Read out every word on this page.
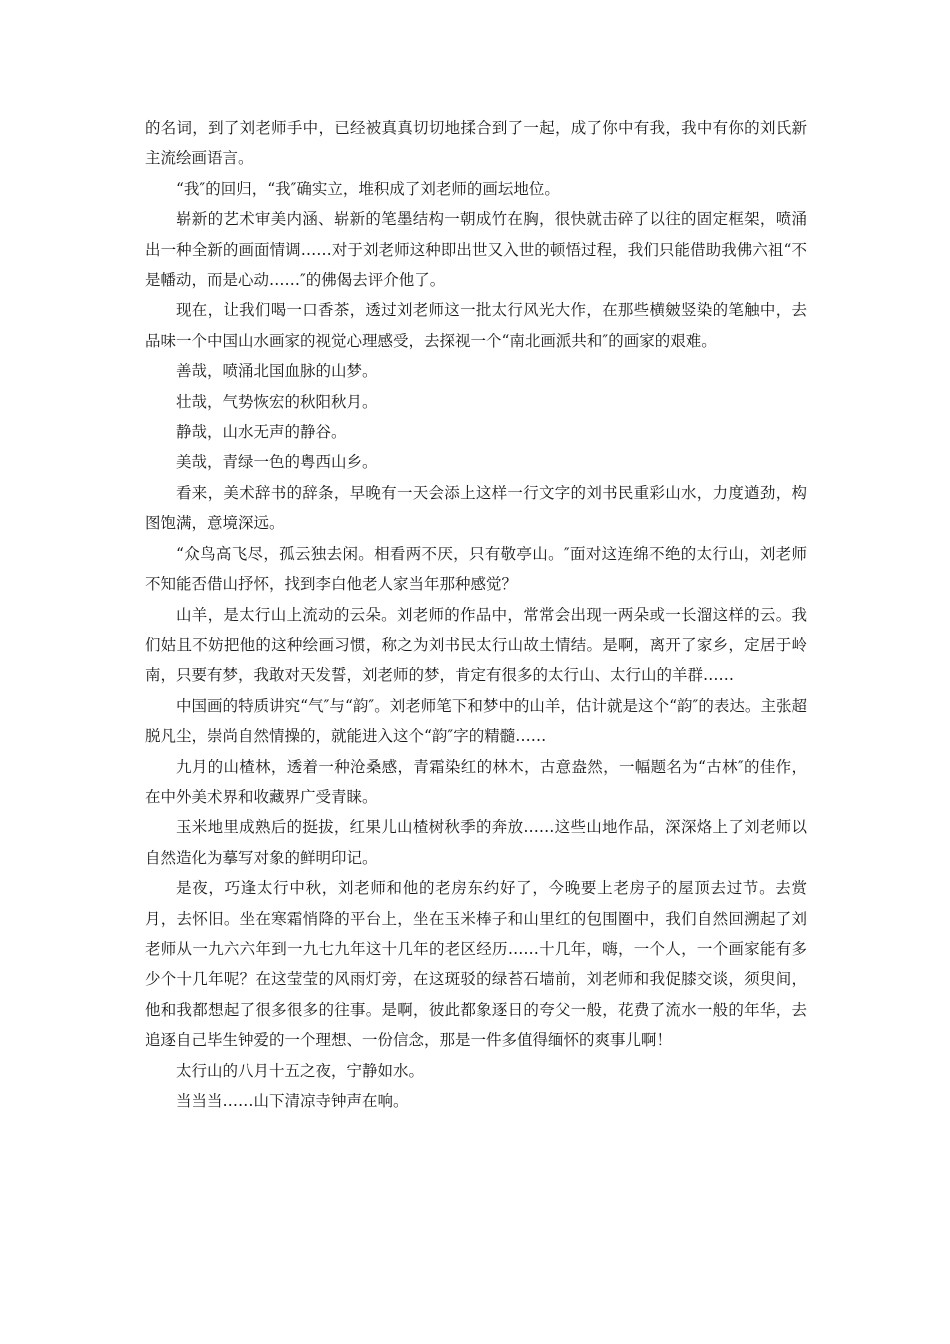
的名词，到了刘老师手中，已经被真真切切地揉合到了一起，成了你中有我，我中有你的刘氏新主流绘画语言。

“我″的回归，“我″确实立，堆积成了刘老师的画坛地位。

崭新的艺术审美内涵、崭新的笔墨结构一朝成竹在胸，很快就击碎了以往的固定框架，喷涌出一种全新的画面情调……对于刘老师这种即出世又入世的顿悟过程，我们只能借助我佛六祖“不是幡动，而是心动……″的佛偈去评介他了。

现在，让我们喝一口香茶，透过刘老师这一批太行风光大作，在那些横皴竖染的笔触中，去品味一个中国山水画家的视觉心理感受，去探视一个“南北画派共和″的画家的艰难。

善哉，喷涌北国血脉的山梦。

壮哉，气势恢宏的秋阳秋月。

静哉，山水无声的静谷。

美哉，青绿一色的粤西山乡。

看来，美术辞书的辞条，早晚有一天会添上这样一行文字的刘书民重彩山水，力度遒劲，构图饱满，意境深远。

“众鸟高飞尽，孤云独去闲。相看两不厌，只有敬亭山。″面对这连绵不绝的太行山，刘老师不知能否借山抒怀，找到李白他老人家当年那种感觉？

山羊，是太行山上流动的云朵。刘老师的作品中，常常会出现一两朵或一长溜这样的云。我们姑且不妨把他的这种绘画习惯，称之为刘书民太行山故土情结。是啊，离开了家乡，定居于岭南，只要有梦，我敢对天发誓，刘老师的梦，肯定有很多的太行山、太行山的羊群……

中国画的特质讲究“气″与“韵″。刘老师笔下和梦中的山羊，估计就是这个“韵″的表达。主张超脱凡尘，崇尚自然情操的，就能进入这个“韵″字的精髓……

九月的山楂林，透着一种沧桑感，青霜染红的林木，古意盎然，一幅题名为“古林″的佳作，在中外美术界和收藏界广受青睐。

玉米地里成熟后的挺拔，红果儿山楂树秋季的奔放……这些山地作品，深深烙上了刘老师以自然造化为摹写对象的鲜明印记。

是夜，巧逢太行中秋，刘老师和他的老房东约好了，今晚要上老房子的屋顶去过节。去赏月，去怀旧。坐在寒霜悄降的平台上，坐在玉米棒子和山里红的包围圈中，我们自然回溯起了刘老师从一九六六年到一九七九年这十几年的老区经历……十几年，嗨，一个人，一个画家能有多少个十几年呢？在这莹莹的风雨灯旁，在这斑驳的绿苔石墙前，刘老师和我促膝交谈，须臾间，他和我都想起了很多很多的往事。是啊，彼此都象逐日的夸父一般，花费了流水一般的年华，去追逐自己毕生钟爱的一个理想、一份信念，那是一件多值得缅怀的爽事儿啊！

太行山的八月十五之夜，宁静如水。

当当当……山下清凉寺钟声在响。
